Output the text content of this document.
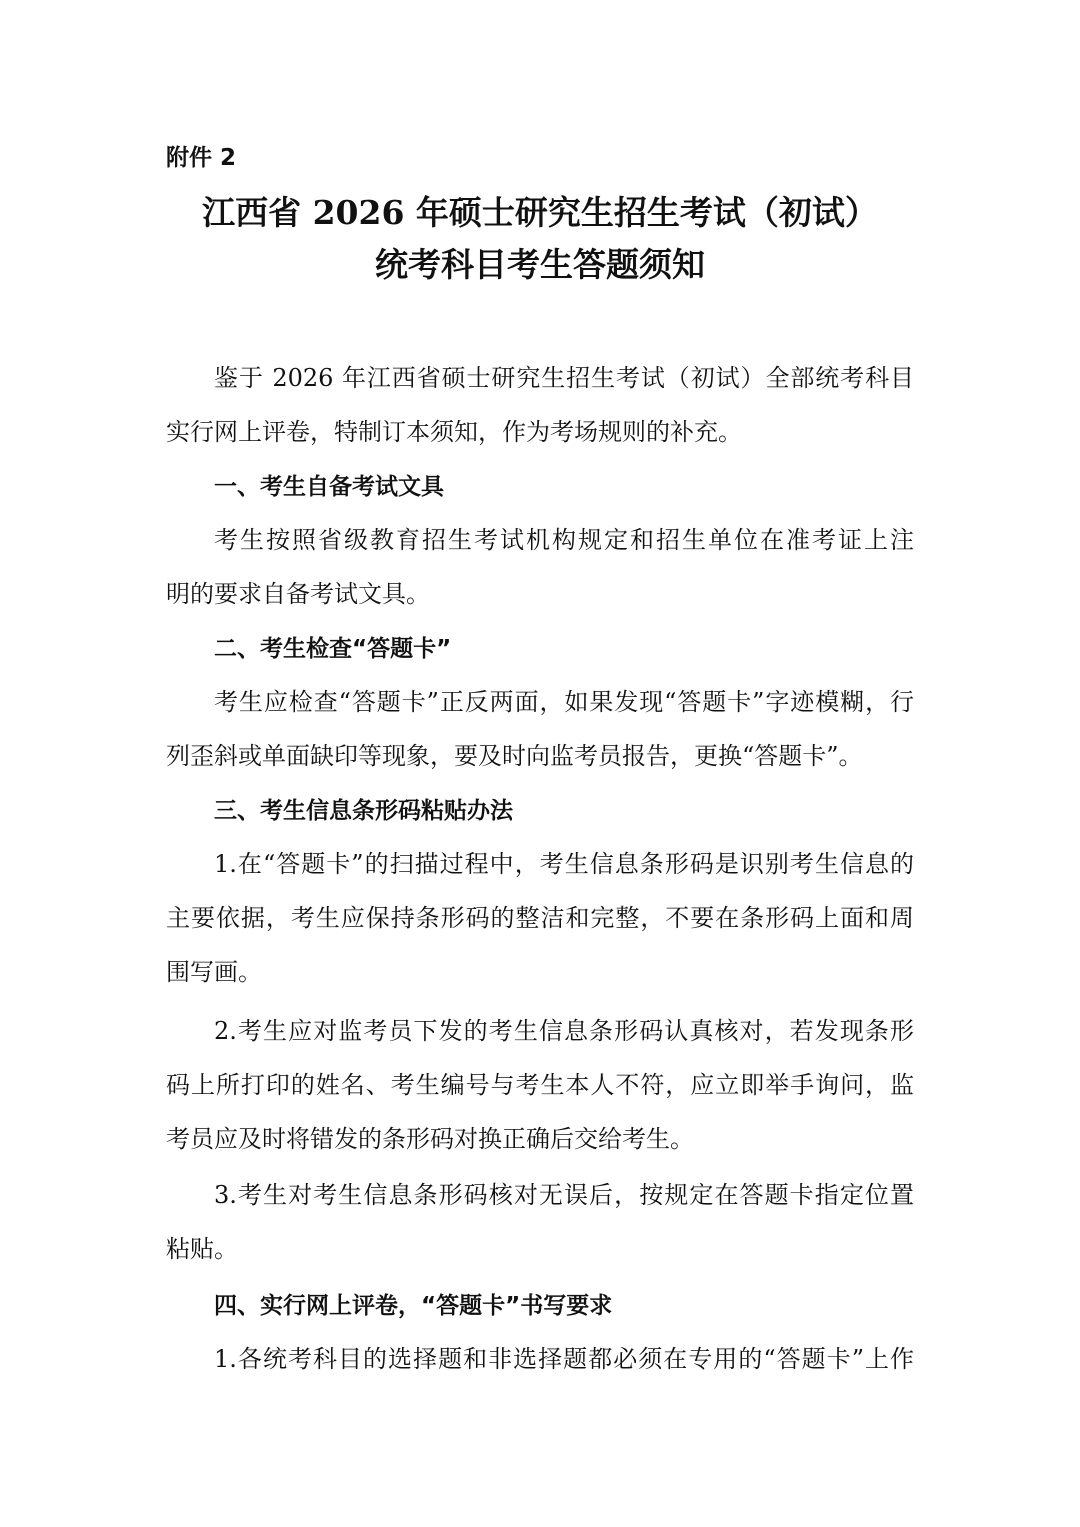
附件 2

江西省 2026 年硕士研究生招生考试（初试）
统考科目考生答题须知

鉴于 2026 年江西省硕士研究生招生考试（初试）全部统考科目

实行网上评卷，特制订本须知，作为考场规则的补充。

一、考生自备考试文具

考生按照省级教育招生考试机构规定和招生单位在准考证上注

明的要求自备考试文具。

二、考生检查“答题卡”

考生应检查“答题卡”正反两面，如果发现“答题卡”字迹模糊，行

列歪斜或单面缺印等现象，要及时向监考员报告，更换“答题卡”。

三、考生信息条形码粘贴办法

1.在“答题卡”的扫描过程中，考生信息条形码是识别考生信息的

主要依据，考生应保持条形码的整洁和完整，不要在条形码上面和周

围写画。

2.考生应对监考员下发的考生信息条形码认真核对，若发现条形

码上所打印的姓名、考生编号与考生本人不符，应立即举手询问，监

考员应及时将错发的条形码对换正确后交给考生。

3.考生对考生信息条形码核对无误后，按规定在答题卡指定位置

粘贴。

四、实行网上评卷，“答题卡”书写要求

1.各统考科目的选择题和非选择题都必须在专用的“答题卡”上作
